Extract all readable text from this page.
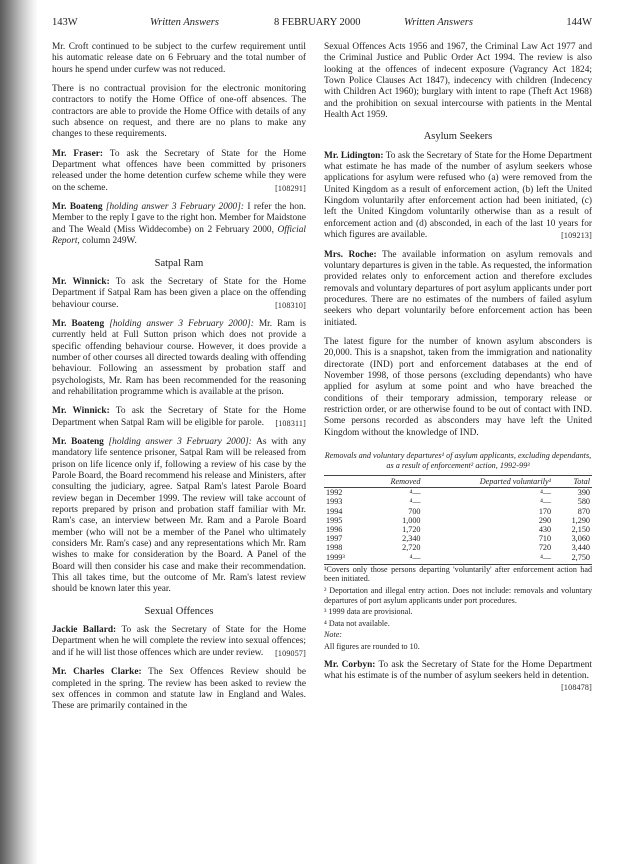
143W	Written Answers	8 FEBRUARY 2000	Written Answers	144W

Mr. Croft continued to be subject to the curfew requirement until his automatic release date on 6 February and the total number of hours he spend under curfew was not reduced.

There is no contractual provision for the electronic monitoring contractors to notify the Home Office of one-off absences. The contractors are able to provide the Home Office with details of any such absence on request, and there are no plans to make any changes to these requirements.

Mr. Fraser: To ask the Secretary of State for the Home Department what offences have been committed by prisoners released under the home detention curfew scheme while they were on the scheme.	[108291]

Mr. Boateng [holding answer 3 February 2000]: I refer the hon. Member to the reply I gave to the right hon. Member for Maidstone and The Weald (Miss Widdecombe) on 2 February 2000, Official Report, column 249W.

Satpal Ram

Mr. Winnick: To ask the Secretary of State for the Home Department if Satpal Ram has been given a place on the offending behaviour course.	[108310]

Mr. Boateng [holding answer 3 February 2000]: Mr. Ram is currently held at Full Sutton prison which does not provide a specific offending behaviour course. However, it does provide a number of other courses all directed towards dealing with offending behaviour. Following an assessment by probation staff and psychologists, Mr. Ram has been recommended for the reasoning and rehabilitation programme which is available at the prison.

Mr. Winnick: To ask the Secretary of State for the Home Department when Satpal Ram will be eligible for parole. [108311]

Mr. Boateng [holding answer 3 February 2000]: As with any mandatory life sentence prisoner, Satpal Ram will be released from prison on life licence only if, following a review of his case by the Parole Board, the Board recommend his release and Ministers, after consulting the judiciary, agree. Satpal Ram's latest Parole Board review began in December 1999. The review will take account of reports prepared by prison and probation staff familiar with Mr. Ram's case, an interview between Mr. Ram and a Parole Board member (who will not be a member of the Panel who ultimately considers Mr. Ram's case) and any representations which Mr. Ram wishes to make for consideration by the Board. A Panel of the Board will then consider his case and make their recommendation. This all takes time, but the outcome of Mr. Ram's latest review should be known later this year.

Sexual Offences

Jackie Ballard: To ask the Secretary of State for the Home Department when he will complete the review into sexual offences; and if he will list those offences which are under review. [109057]

Mr. Charles Clarke: The Sex Offences Review should be completed in the spring. The review has been asked to review the sex offences in common and statute law in England and Wales. These are primarily contained in the

Sexual Offences Acts 1956 and 1967, the Criminal Law Act 1977 and the Criminal Justice and Public Order Act 1994. The review is also looking at the offences of indecent exposure (Vagrancy Act 1824; Town Police Clauses Act 1847), indecency with children (Indecency with Children Act 1960); burglary with intent to rape (Theft Act 1968) and the prohibition on sexual intercourse with patients in the Mental Health Act 1959.

Asylum Seekers

Mr. Lidington: To ask the Secretary of State for the Home Department what estimate he has made of the number of asylum seekers whose applications for asylum were refused who (a) were removed from the United Kingdom as a result of enforcement action, (b) left the United Kingdom voluntarily after enforcement action had been initiated, (c) left the United Kingdom voluntarily otherwise than as a result of enforcement action and (d) absconded, in each of the last 10 years for which figures are available.	[109213]

Mrs. Roche: The available information on asylum removals and voluntary departures is given in the table. As requested, the information provided relates only to enforcement action and therefore excludes removals and voluntary departures of port asylum applicants under port procedures. There are no estimates of the numbers of failed asylum seekers who depart voluntarily before enforcement action has been initiated.

The latest figure for the number of known asylum absconders is 20,000. This is a snapshot, taken from the immigration and nationality directorate (IND) port and enforcement databases at the end of November 1998, of those persons (excluding dependants) who have applied for asylum at some point and who have breached the conditions of their temporary admission, temporary release or restriction order, or are otherwise found to be out of contact with IND. Some persons recorded as absconders may have left the United Kingdom without the knowledge of IND.

Removals and voluntary departures¹ of asylum applicants, excluding dependants, as a result of enforcement² action, 1992-99³
	Removed	Departed voluntarily¹	Total
1992	⁴—	⁴—	390
1993	⁴—	⁴—	580
1994	700	170	870
1995	1,000	290	1,290
1996	1,720	430	2,150
1997	2,340	710	3,060
1998	2,720	720	3,440
1999³	⁴—	⁴—	2,750

¹Covers only those persons departing 'voluntarily' after enforcement action had been initiated.

² Deportation and illegal entry action. Does not include: removals and voluntary departures of port asylum applicants under port procedures.

³ 1999 data are provisional.

⁴ Data not available.

Note:

All figures are rounded to 10.

Mr. Corbyn: To ask the Secretary of State for the Home Department what his estimate is of the number of asylum seekers held in detention.
[108478]
